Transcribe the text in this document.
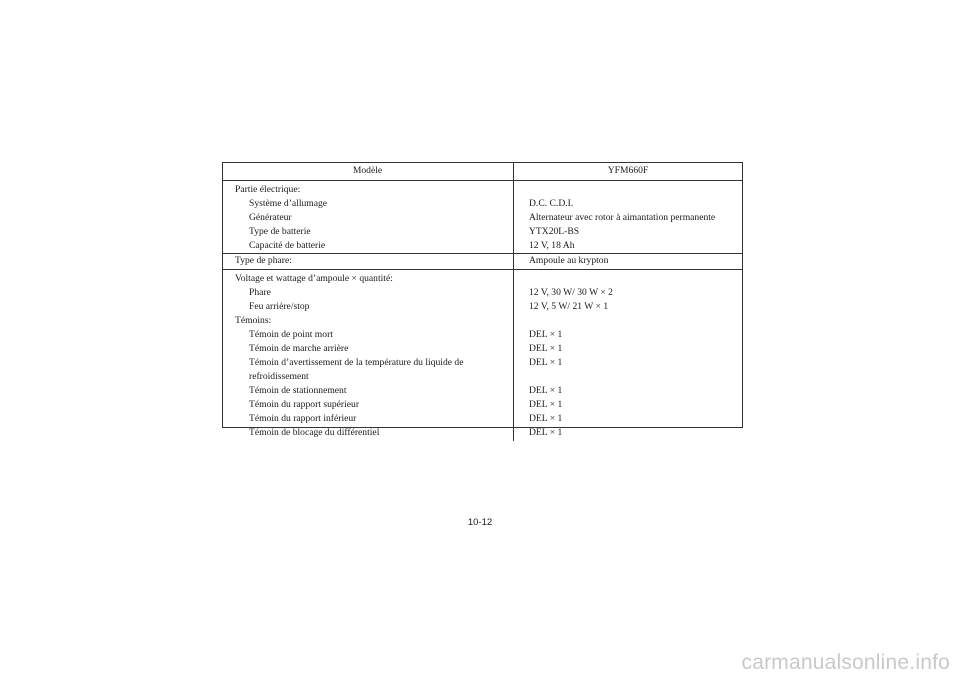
Modèle	YFM660F
Partie électrique:	
Système d’allumage	D.C. C.D.I.
Générateur	Alternateur avec rotor à aimantation permanente
Type de batterie	YTX20L-BS
Capacité de batterie	12 V, 18 Ah
Type de phare:	Ampoule au krypton
Voltage et wattage d’ampoule × quantité:	
Phare	12 V, 30 W/ 30 W × 2
Feu arrière/stop	12 V, 5 W/ 21 W × 1
Témoins:	
Témoin de point mort	DEL × 1
Témoin de marche arrière	DEL × 1
Témoin d’avertissement de la température du liquide de refroidissement	DEL × 1
Témoin de stationnement	DEL × 1
Témoin du rapport supérieur	DEL × 1
Témoin du rapport inférieur	DEL × 1
Témoin de blocage du différentiel	DEL × 1
10-12
carmanualsonline.info
